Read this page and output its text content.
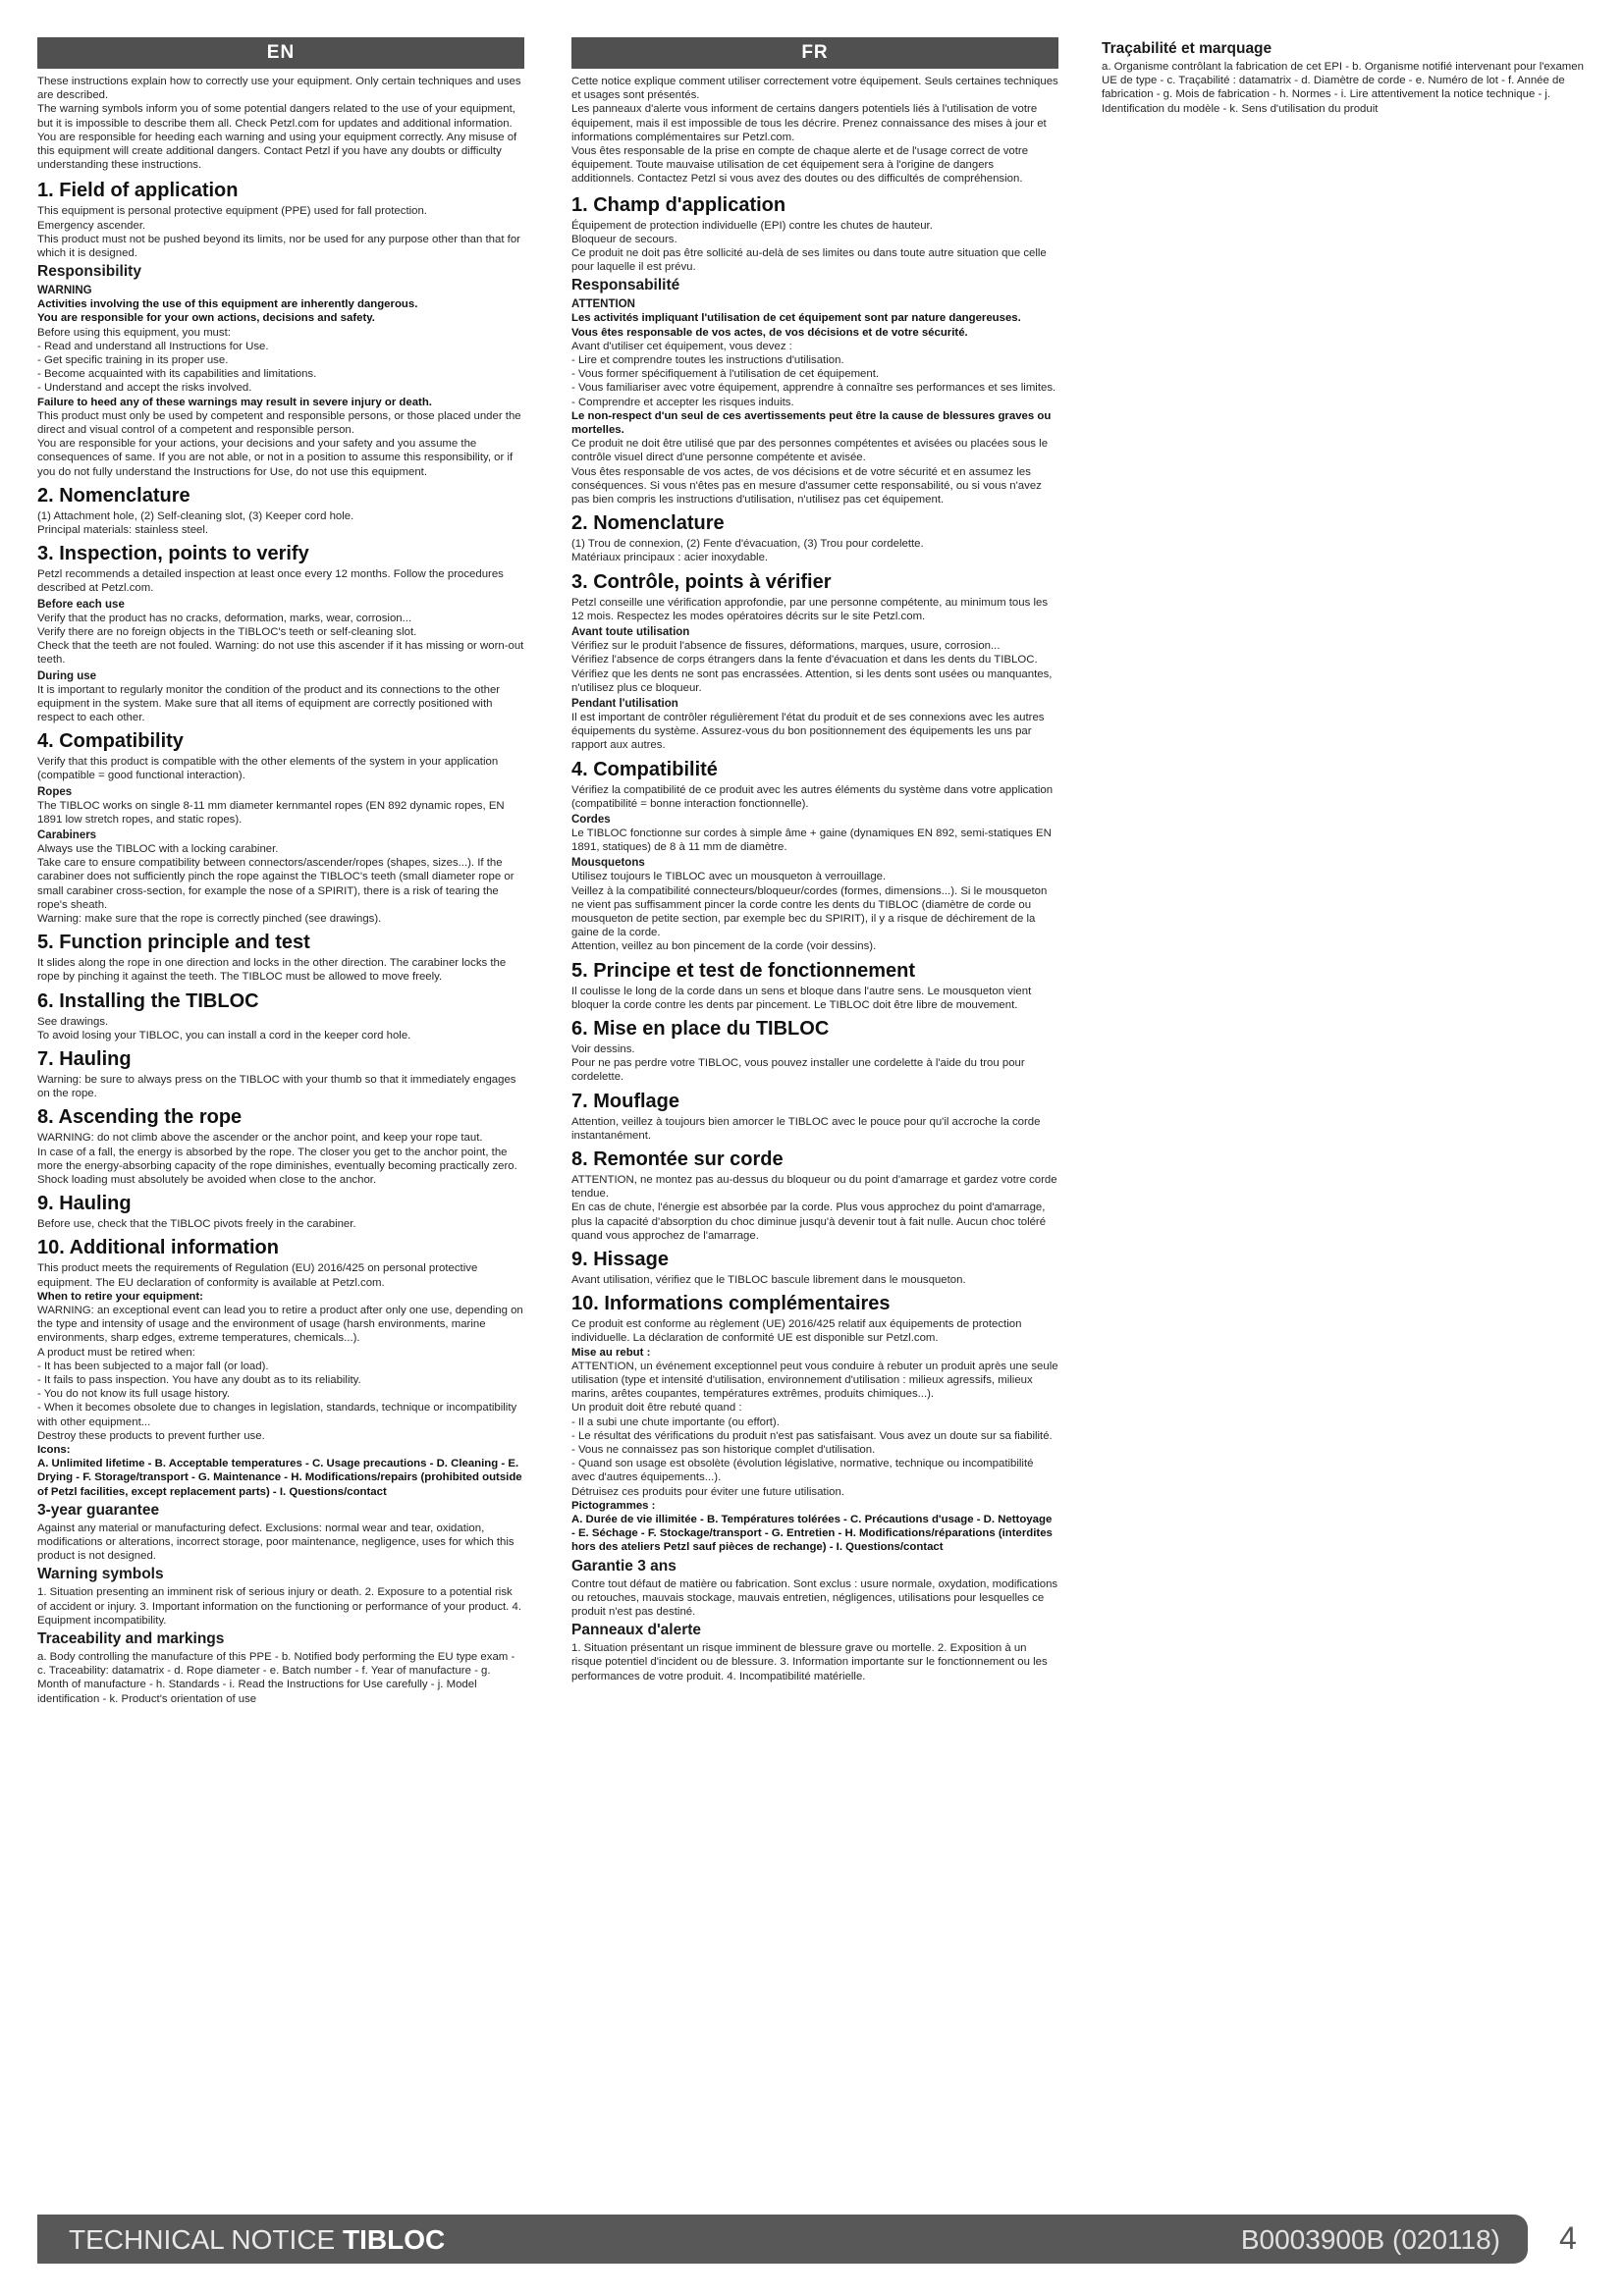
EN

These instructions explain how to correctly use your equipment. Only certain techniques and uses are described.

The warning symbols inform you of some potential dangers related to the use of your equipment, but it is impossible to describe them all. Check Petzl.com for updates and additional information.

You are responsible for heeding each warning and using your equipment correctly. Any misuse of this equipment will create additional dangers. Contact Petzl if you have any doubts or difficulty understanding these instructions.

1. Field of application
This equipment is personal protective equipment (PPE) used for fall protection.
Emergency ascender.
This product must not be pushed beyond its limits, nor be used for any purpose other than that for which it is designed.
Responsibility
WARNING
Activities involving the use of this equipment are inherently dangerous.
You are responsible for your own actions, decisions and safety.
Before using this equipment, you must:
- Read and understand all Instructions for Use.
- Get specific training in its proper use.
- Become acquainted with its capabilities and limitations.
- Understand and accept the risks involved.
Failure to heed any of these warnings may result in severe injury or death.
This product must only be used by competent and responsible persons, or those placed under the direct and visual control of a competent and responsible person.
You are responsible for your actions, your decisions and your safety and you assume the consequences of same. If you are not able, or not in a position to assume this responsibility, or if you do not fully understand the Instructions for Use, do not use this equipment.
2. Nomenclature
(1) Attachment hole, (2) Self-cleaning slot, (3) Keeper cord hole.
Principal materials: stainless steel.
3. Inspection, points to verify
Petzl recommends a detailed inspection at least once every 12 months. Follow the procedures described at Petzl.com.
Before each use
Verify that the product has no cracks, deformation, marks, wear, corrosion...
Verify there are no foreign objects in the TIBLOC's teeth or self-cleaning slot.
Check that the teeth are not fouled. Warning: do not use this ascender if it has missing or worn-out teeth.
During use
It is important to regularly monitor the condition of the product and its connections to the other equipment in the system. Make sure that all items of equipment are correctly positioned with respect to each other.
4. Compatibility
Verify that this product is compatible with the other elements of the system in your application (compatible = good functional interaction).
Ropes
The TIBLOC works on single 8-11 mm diameter kernmantel ropes (EN 892 dynamic ropes, EN 1891 low stretch ropes, and static ropes).
Carabiners
Always use the TIBLOC with a locking carabiner.
Take care to ensure compatibility between connectors/ascender/ropes (shapes, sizes...). If the carabiner does not sufficiently pinch the rope against the TIBLOC's teeth (small diameter rope or small carabiner cross-section, for example the nose of a SPIRIT), there is a risk of tearing the rope's sheath.
Warning: make sure that the rope is correctly pinched (see drawings).
5. Function principle and test
It slides along the rope in one direction and locks in the other direction. The carabiner locks the rope by pinching it against the teeth. The TIBLOC must be allowed to move freely.
6. Installing the TIBLOC
See drawings.
To avoid losing your TIBLOC, you can install a cord in the keeper cord hole.
7. Hauling
Warning: be sure to always press on the TIBLOC with your thumb so that it immediately engages on the rope.
8. Ascending the rope
WARNING: do not climb above the ascender or the anchor point, and keep your rope taut.
In case of a fall, the energy is absorbed by the rope. The closer you get to the anchor point, the more the energy-absorbing capacity of the rope diminishes, eventually becoming practically zero. Shock loading must absolutely be avoided when close to the anchor.
9. Hauling
Before use, check that the TIBLOC pivots freely in the carabiner.
10. Additional information
This product meets the requirements of Regulation (EU) 2016/425 on personal protective equipment. The EU declaration of conformity is available at Petzl.com.
When to retire your equipment:
WARNING: an exceptional event can lead you to retire a product after only one use, depending on the type and intensity of usage and the environment of usage (harsh environments, marine environments, sharp edges, extreme temperatures, chemicals...).
A product must be retired when:
- It has been subjected to a major fall (or load).
- It fails to pass inspection. You have any doubt as to its reliability.
- You do not know its full usage history.
- When it becomes obsolete due to changes in legislation, standards, technique or incompatibility with other equipment...
Destroy these products to prevent further use.
Icons:
A. Unlimited lifetime - B. Acceptable temperatures - C. Usage precautions - D. Cleaning - E. Drying - F. Storage/transport - G. Maintenance - H. Modifications/repairs (prohibited outside of Petzl facilities, except replacement parts) - I. Questions/contact
3-year guarantee
Against any material or manufacturing defect. Exclusions: normal wear and tear, oxidation, modifications or alterations, incorrect storage, poor maintenance, negligence, uses for which this product is not designed.
Warning symbols
1. Situation presenting an imminent risk of serious injury or death. 2. Exposure to a potential risk of accident or injury. 3. Important information on the functioning or performance of your product. 4. Equipment incompatibility.
Traceability and markings
a. Body controlling the manufacture of this PPE - b. Notified body performing the EU type exam - c. Traceability: datamatrix - d. Rope diameter - e. Batch number - f. Year of manufacture - g. Month of manufacture - h. Standards - i. Read the Instructions for Use carefully - j. Model identification - k. Product's orientation of use
FR

Cette notice explique comment utiliser correctement votre équipement. Seuls certaines techniques et usages sont présentés.

Les panneaux d'alerte vous informent de certains dangers potentiels liés à l'utilisation de votre équipement, mais il est impossible de tous les décrire. Prenez connaissance des mises à jour et informations complémentaires sur Petzl.com.

Vous êtes responsable de la prise en compte de chaque alerte et de l'usage correct de votre équipement. Toute mauvaise utilisation de cet équipement sera à l'origine de dangers additionnels. Contactez Petzl si vous avez des doutes ou des difficultés de compréhension.

1. Champ d'application
Équipement de protection individuelle (EPI) contre les chutes de hauteur.
Bloqueur de secours.
Ce produit ne doit pas être sollicité au-delà de ses limites ou dans toute autre situation que celle pour laquelle il est prévu.
Responsabilité
ATTENTION
Les activités impliquant l'utilisation de cet équipement sont par nature dangereuses.
Vous êtes responsable de vos actes, de vos décisions et de votre sécurité.
Avant d'utiliser cet équipement, vous devez :
- Lire et comprendre toutes les instructions d'utilisation.
- Vous former spécifiquement à l'utilisation de cet équipement.
- Vous familiariser avec votre équipement, apprendre à connaître ses performances et ses limites.
- Comprendre et accepter les risques induits.
Le non-respect d'un seul de ces avertissements peut être la cause de blessures graves ou mortelles.
Ce produit ne doit être utilisé que par des personnes compétentes et avisées ou placées sous le contrôle visuel direct d'une personne compétente et avisée.
Vous êtes responsable de vos actes, de vos décisions et de votre sécurité et en assumez les conséquences. Si vous n'êtes pas en mesure d'assumer cette responsabilité, ou si vous n'avez pas bien compris les instructions d'utilisation, n'utilisez pas cet équipement.
2. Nomenclature
(1) Trou de connexion, (2) Fente d'évacuation, (3) Trou pour cordelette.
Matériaux principaux : acier inoxydable.
3. Contrôle, points à vérifier
Petzl conseille une vérification approfondie, par une personne compétente, au minimum tous les 12 mois. Respectez les modes opératoires décrits sur le site Petzl.com.
Avant toute utilisation
Vérifiez sur le produit l'absence de fissures, déformations, marques, usure, corrosion...
Vérifiez l'absence de corps étrangers dans la fente d'évacuation et dans les dents du TIBLOC.
Vérifiez que les dents ne sont pas encrassées. Attention, si les dents sont usées ou manquantes, n'utilisez plus ce bloqueur.
Pendant l'utilisation
Il est important de contrôler régulièrement l'état du produit et de ses connexions avec les autres équipements du système. Assurez-vous du bon positionnement des équipements les uns par rapport aux autres.
4. Compatibilité
Vérifiez la compatibilité de ce produit avec les autres éléments du système dans votre application (compatibilité = bonne interaction fonctionnelle).
Cordes
Le TIBLOC fonctionne sur cordes à simple âme + gaine (dynamiques EN 892, semi-statiques EN 1891, statiques) de 8 à 11 mm de diamètre.
Mousquetons
Utilisez toujours le TIBLOC avec un mousqueton à verrouillage.
Veillez à la compatibilité connecteurs/bloqueur/cordes (formes, dimensions...). Si le mousqueton ne vient pas suffisamment pincer la corde contre les dents du TIBLOC (diamètre de corde ou mousqueton de petite section, par exemple bec du SPIRIT), il y a risque de déchirement de la gaine de la corde.
Attention, veillez au bon pincement de la corde (voir dessins).
5. Principe et test de fonctionnement
Il coulisse le long de la corde dans un sens et bloque dans l'autre sens. Le mousqueton vient bloquer la corde contre les dents par pincement. Le TIBLOC doit être libre de mouvement.
6. Mise en place du TIBLOC
Voir dessins.
Pour ne pas perdre votre TIBLOC, vous pouvez installer une cordelette à l'aide du trou pour cordelette.
7. Mouflage
Attention, veillez à toujours bien amorcer le TIBLOC avec le pouce pour qu'il accroche la corde instantanément.
8. Remontée sur corde
ATTENTION, ne montez pas au-dessus du bloqueur ou du point d'amarrage et gardez votre corde tendue.
En cas de chute, l'énergie est absorbée par la corde. Plus vous approchez du point d'amarrage, plus la capacité d'absorption du choc diminue jusqu'à devenir tout à fait nulle. Aucun choc toléré quand vous approchez de l'amarrage.
9. Hissage
Avant utilisation, vérifiez que le TIBLOC bascule librement dans le mousqueton.
10. Informations complémentaires
Ce produit est conforme au règlement (UE) 2016/425 relatif aux équipements de protection individuelle. La déclaration de conformité UE est disponible sur Petzl.com.
Mise au rebut :
ATTENTION, un événement exceptionnel peut vous conduire à rebuter un produit après une seule utilisation (type et intensité d'utilisation, environnement d'utilisation : milieux agressifs, milieux marins, arêtes coupantes, températures extrêmes, produits chimiques...).
Un produit doit être rebuté quand :
- Il a subi une chute importante (ou effort).
- Le résultat des vérifications du produit n'est pas satisfaisant. Vous avez un doute sur sa fiabilité.
- Vous ne connaissez pas son historique complet d'utilisation.
- Quand son usage est obsolète (évolution législative, normative, technique ou incompatibilité avec d'autres équipements...).
Détruisez ces produits pour éviter une future utilisation.
Pictogrammes :
A. Durée de vie illimitée - B. Températures tolérées - C. Précautions d'usage - D. Nettoyage - E. Séchage - F. Stockage/transport - G. Entretien - H. Modifications/réparations (interdites hors des ateliers Petzl sauf pièces de rechange) - I. Questions/contact
Garantie 3 ans
Contre tout défaut de matière ou fabrication. Sont exclus : usure normale, oxydation, modifications ou retouches, mauvais stockage, mauvais entretien, négligences, utilisations pour lesquelles ce produit n'est pas destiné.
Panneaux d'alerte
1. Situation présentant un risque imminent de blessure grave ou mortelle. 2. Exposition à un risque potentiel d'incident ou de blessure. 3. Information importante sur le fonctionnement ou les performances de votre produit. 4. Incompatibilité matérielle.
Traçabilité et marquage
a. Organisme contrôlant la fabrication de cet EPI - b. Organisme notifié intervenant pour l'examen UE de type - c. Traçabilité : datamatrix - d. Diamètre de corde - e. Numéro de lot - f. Année de fabrication - g. Mois de fabrication - h. Normes - i. Lire attentivement la notice technique - j. Identification du modèle - k. Sens d'utilisation du produit
TECHNICAL NOTICE TIBLOC	B0003900B (020118) 4
